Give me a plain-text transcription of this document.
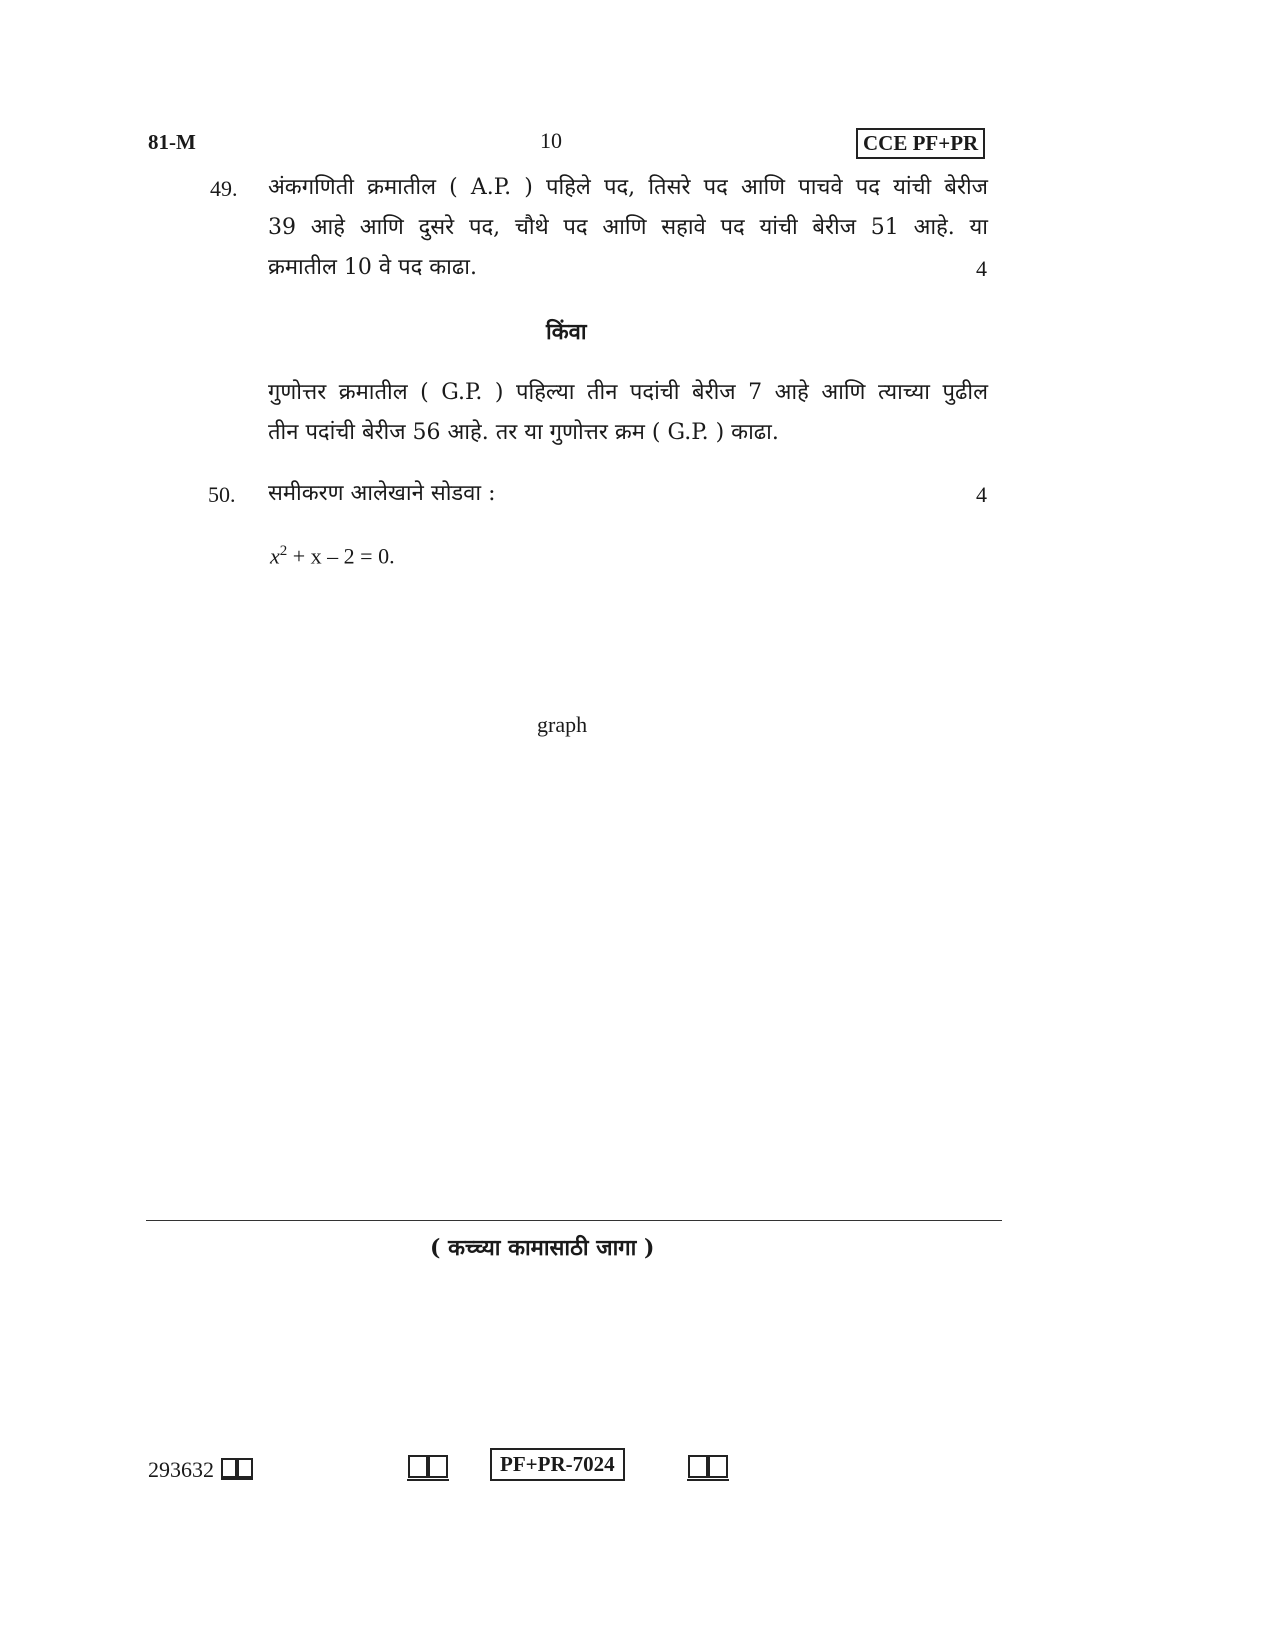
81-M	10	CCE PF+PR
49. अंकगणिती क्रमातील ( A.P. ) पहिले पद, तिसरे पद आणि पाचवे पद यांची बेरीज
39 आहे आणि दुसरे पद, चौथे पद आणि सहावे पद यांची बेरीज 51 आहे. या
क्रमातील 10 वे पद काढा.	4
किंवा
गुणोत्तर क्रमातील ( G.P. ) पहिल्या तीन पदांची बेरीज 7 आहे आणि त्याच्या पुढील
तीन पदांची बेरीज 56 आहे. तर या गुणोत्तर क्रम ( G.P. ) काढा.
50. समीकरण आलेखाने सोडवा :	4
$x^2 + x - 2 = 0$.
graph
( कच्च्या कामासाठी जागा )
293632	PF+PR-7024
